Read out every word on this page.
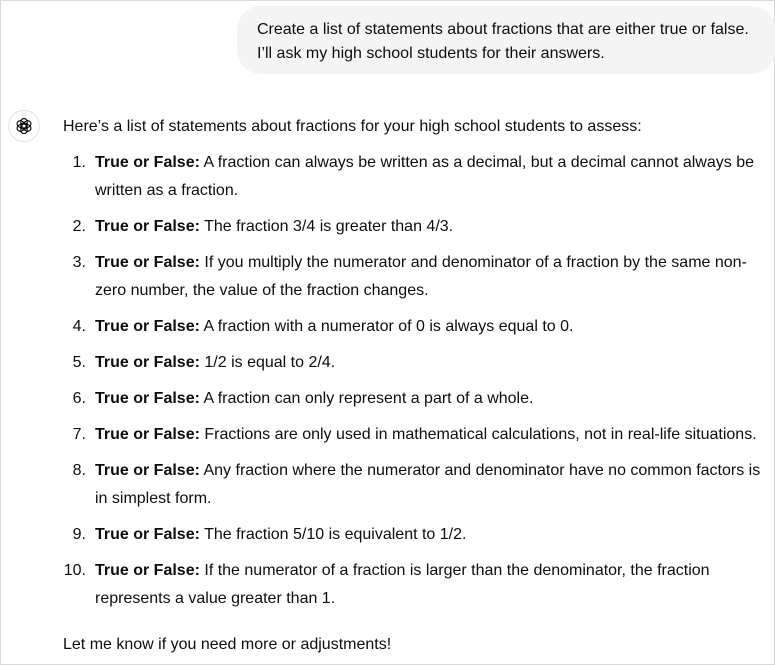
Create a list of statements about fractions that are either true or false. I’ll ask my high school students for their answers.

Here’s a list of statements about fractions for your high school students to assess:

1. True or False: A fraction can always be written as a decimal, but a decimal cannot always be written as a fraction.
2. True or False: The fraction 3/4 is greater than 4/3.
3. True or False: If you multiply the numerator and denominator of a fraction by the same non-zero number, the value of the fraction changes.
4. True or False: A fraction with a numerator of 0 is always equal to 0.
5. True or False: 1/2 is equal to 2/4.
6. True or False: A fraction can only represent a part of a whole.
7. True or False: Fractions are only used in mathematical calculations, not in real-life situations.
8. True or False: Any fraction where the numerator and denominator have no common factors is in simplest form.
9. True or False: The fraction 5/10 is equivalent to 1/2.
10. True or False: If the numerator of a fraction is larger than the denominator, the fraction represents a value greater than 1.

Let me know if you need more or adjustments!
